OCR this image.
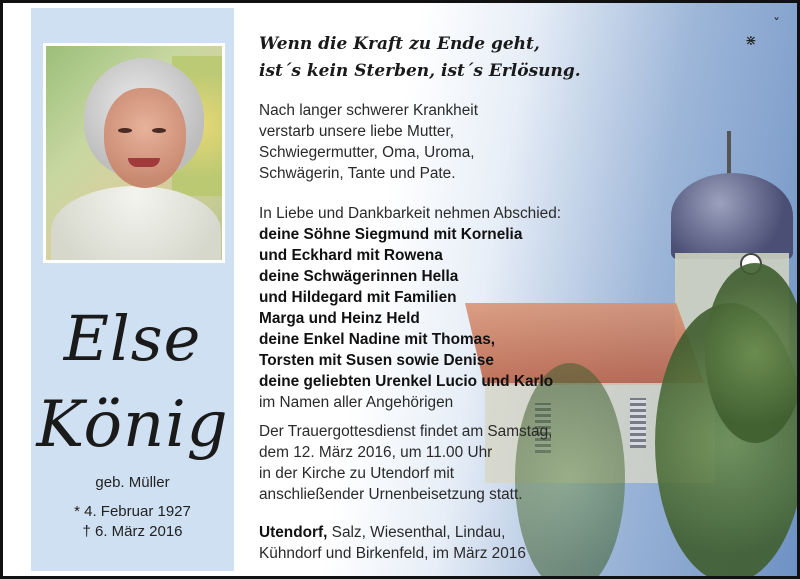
⋇
ˇ
Else
König
geb. Müller
* 4. Februar 1927
† 6. März 2016
Wenn die Kraft zu Ende geht,
ist´s kein Sterben, ist´s Erlösung.
Nach langer schwerer Krankheit
verstarb unsere liebe Mutter,
Schwiegermutter, Oma, Uroma,
Schwägerin, Tante und Pate.
In Liebe und Dankbarkeit nehmen Abschied:
deine Söhne Siegmund mit Kornelia
und Eckhard mit Rowena
deine Schwägerinnen Hella
und Hildegard mit Familien
Marga und Heinz Held
deine Enkel Nadine mit Thomas,
Torsten mit Susen sowie Denise
deine geliebten Urenkel Lucio und Karlo
im Namen aller Angehörigen
Der Trauergottesdienst findet am Samstag,
dem 12. März 2016, um 11.00 Uhr
in der Kirche zu Utendorf mit
anschließender Urnenbeisetzung statt.
Utendorf, Salz, Wiesenthal, Lindau,
Kühndorf und Birkenfeld, im März 2016
